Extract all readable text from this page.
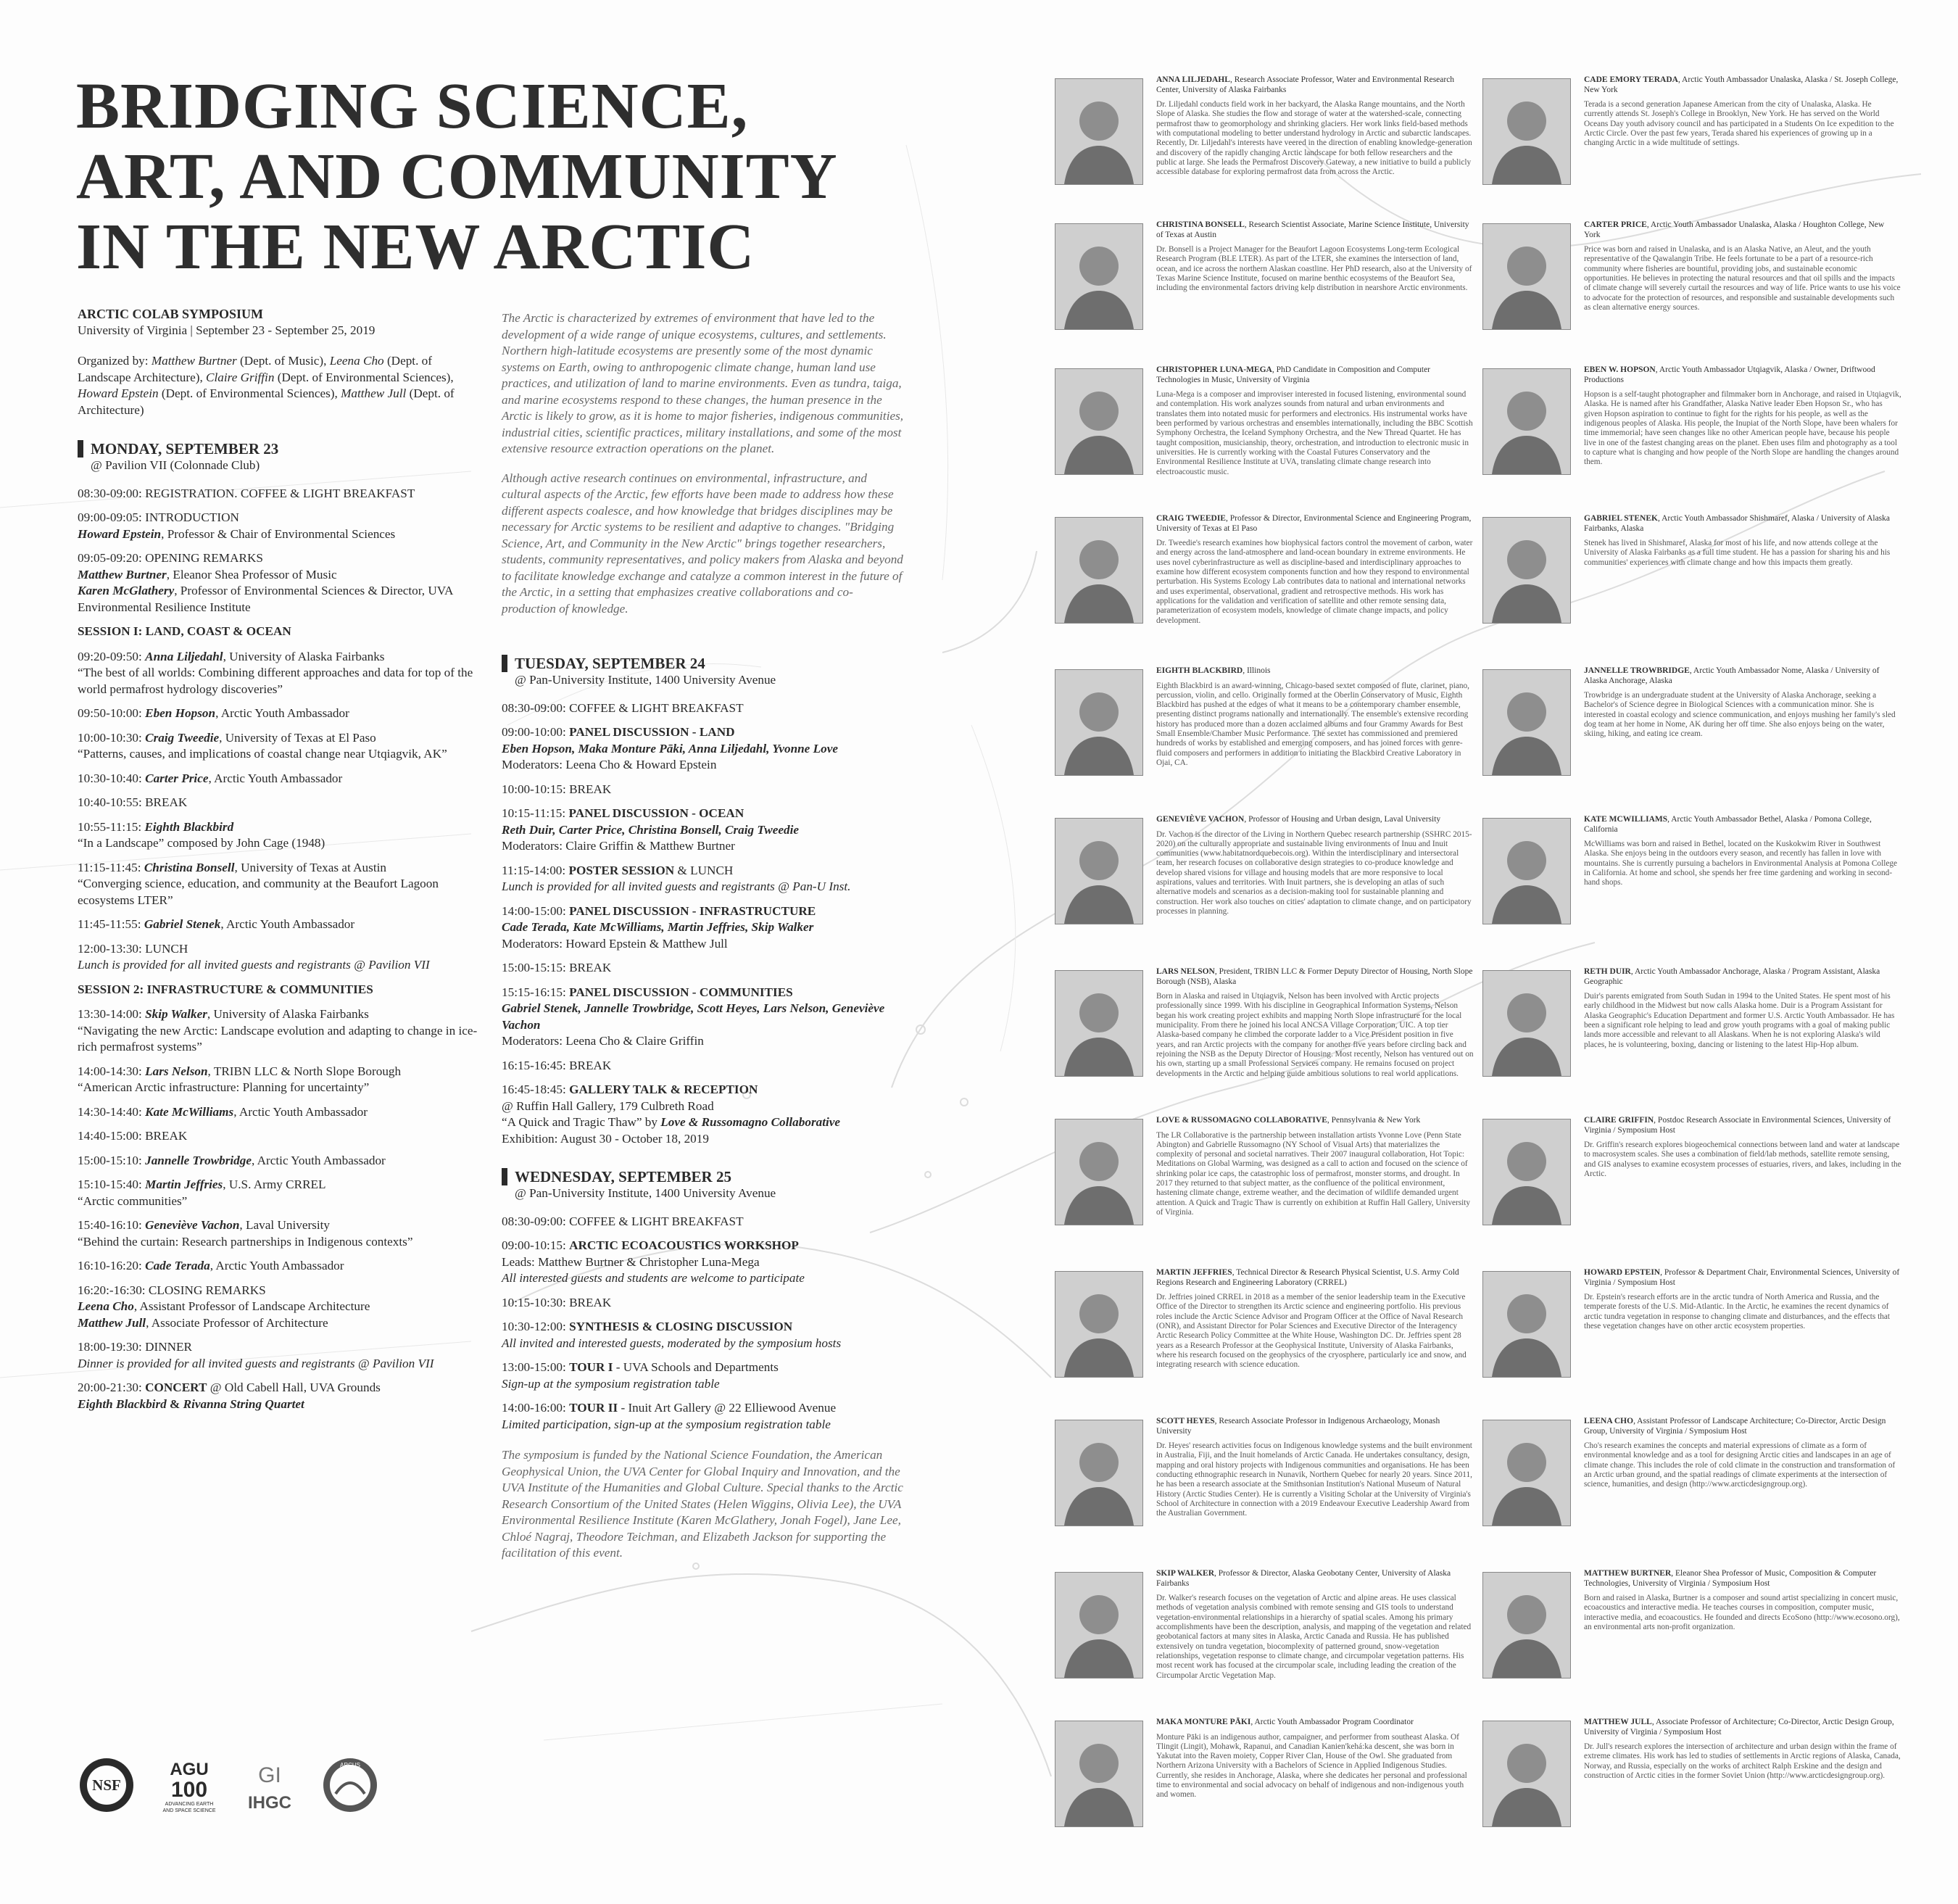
BRIDGING SCIENCE,
ART, AND COMMUNITY
IN THE NEW ARCTIC

ARCTIC COLAB SYMPOSIUM

University of Virginia | September 23 - September 25, 2019

Organized by: Matthew Burtner (Dept. of Music), Leena Cho (Dept. of Landscape Architecture), Claire Griffin (Dept. of Environmental Sciences), Howard Epstein (Dept. of Environmental Sciences), Matthew Jull (Dept. of Architecture)

MONDAY, SEPTEMBER 23

@ Pavilion VII (Colonnade Club)

08:30-09:00: REGISTRATION. COFFEE & LIGHT BREAKFAST
09:00-09:05: INTRODUCTION
Howard Epstein, Professor & Chair of Environmental Sciences
09:05-09:20: OPENING REMARKS
Matthew Burtner, Eleanor Shea Professor of Music
Karen McGlathery, Professor of Environmental Sciences & Director, UVA Environmental Resilience Institute

SESSION I: LAND, COAST & OCEAN

09:20-09:50: Anna Liljedahl, University of Alaska Fairbanks
“The best of all worlds: Combining different approaches and data for top of the world permafrost hydrology discoveries”
09:50-10:00: Eben Hopson, Arctic Youth Ambassador
10:00-10:30: Craig Tweedie, University of Texas at El Paso
“Patterns, causes, and implications of coastal change near Utqiagvik, AK”
10:30-10:40: Carter Price, Arctic Youth Ambassador
10:40-10:55: BREAK
10:55-11:15: Eighth Blackbird
“In a Landscape” composed by John Cage (1948)
11:15-11:45: Christina Bonsell, University of Texas at Austin
“Converging science, education, and community at the Beaufort Lagoon ecosystems LTER”
11:45-11:55: Gabriel Stenek, Arctic Youth Ambassador
12:00-13:30: LUNCH
Lunch is provided for all invited guests and registrants @ Pavilion VII

SESSION 2: INFRASTRUCTURE & COMMUNITIES

13:30-14:00: Skip Walker, University of Alaska Fairbanks
“Navigating the new Arctic: Landscape evolution and adapting to change in ice-rich permafrost systems”
14:00-14:30: Lars Nelson, TRIBN LLC & North Slope Borough
“American Arctic infrastructure: Planning for uncertainty”
14:30-14:40: Kate McWilliams, Arctic Youth Ambassador
14:40-15:00: BREAK
15:00-15:10: Jannelle Trowbridge, Arctic Youth Ambassador
15:10-15:40: Martin Jeffries, U.S. Army CRREL
“Arctic communities”
15:40-16:10: Geneviève Vachon, Laval University
“Behind the curtain: Research partnerships in Indigenous contexts”
16:10-16:20: Cade Terada, Arctic Youth Ambassador
16:20:-16:30: CLOSING REMARKS
Leena Cho, Assistant Professor of Landscape Architecture
Matthew Jull, Associate Professor of Architecture
18:00-19:30: DINNER
Dinner is provided for all invited guests and registrants @ Pavilion VII
20:00-21:30: CONCERT @ Old Cabell Hall, UVA Grounds
Eighth Blackbird & Rivanna String Quartet

The Arctic is characterized by extremes of environment that have led to the development of a wide range of unique ecosystems, cultures, and settlements. Northern high-latitude ecosystems are presently some of the most dynamic systems on Earth, owing to anthropogenic climate change, human land use practices, and utilization of land to marine environments. Even as tundra, taiga, and marine ecosystems respond to these changes, the human presence in the Arctic is likely to grow, as it is home to major fisheries, indigenous communities, industrial cities, scientific practices, military installations, and some of the most extensive resource extraction operations on the planet.

Although active research continues on environmental, infrastructure, and cultural aspects of the Arctic, few efforts have been made to address how these different aspects coalesce, and how knowledge that bridges disciplines may be necessary for Arctic systems to be resilient and adaptive to changes. "Bridging Science, Art, and Community in the New Arctic" brings together researchers, students, community representatives, and policy makers from Alaska and beyond to facilitate knowledge exchange and catalyze a common interest in the future of the Arctic, in a setting that emphasizes creative collaborations and co-production of knowledge.

TUESDAY, SEPTEMBER 24

@ Pan-University Institute, 1400 University Avenue

08:30-09:00: COFFEE & LIGHT BREAKFAST
09:00-10:00: PANEL DISCUSSION - LAND
Eben Hopson, Maka Monture Pāki, Anna Liljedahl, Yvonne Love
Moderators: Leena Cho & Howard Epstein
10:00-10:15: BREAK
10:15-11:15: PANEL DISCUSSION - OCEAN
Reth Duir, Carter Price, Christina Bonsell, Craig Tweedie
Moderators: Claire Griffin & Matthew Burtner
11:15-14:00: POSTER SESSION & LUNCH
Lunch is provided for all invited guests and registrants @ Pan-U Inst.
14:00-15:00: PANEL DISCUSSION - INFRASTRUCTURE
Cade Terada, Kate McWilliams, Martin Jeffries, Skip Walker
Moderators: Howard Epstein & Matthew Jull
15:00-15:15: BREAK
15:15-16:15: PANEL DISCUSSION - COMMUNITIES
Gabriel Stenek, Jannelle Trowbridge, Scott Heyes, Lars Nelson, Geneviève Vachon
Moderators: Leena Cho & Claire Griffin
16:15-16:45: BREAK
16:45-18:45: GALLERY TALK & RECEPTION
@ Ruffin Hall Gallery, 179 Culbreth Road
“A Quick and Tragic Thaw” by Love & Russomagno Collaborative
Exhibition: August 30 - October 18, 2019

WEDNESDAY, SEPTEMBER 25

@ Pan-University Institute, 1400 University Avenue

08:30-09:00: COFFEE & LIGHT BREAKFAST
09:00-10:15: ARCTIC ECOACOUSTICS WORKSHOP
Leads: Matthew Burtner & Christopher Luna-Mega
All interested guests and students are welcome to participate
10:15-10:30: BREAK
10:30-12:00: SYNTHESIS & CLOSING DISCUSSION
All invited and interested guests, moderated by the symposium hosts
13:00-15:00: TOUR I - UVA Schools and Departments
Sign-up at the symposium registration table
14:00-16:00: TOUR II - Inuit Art Gallery @ 22 Elliewood Avenue
Limited participation, sign-up at the symposium registration table

The symposium is funded by the National Science Foundation, the American Geophysical Union, the UVA Center for Global Inquiry and Innovation, and the UVA Institute of the Humanities and Global Culture. Special thanks to the Arctic Research Consortium of the United States (Helen Wiggins, Olivia Lee), the UVA Environmental Resilience Institute (Karen McGlathery, Jonah Fogel), Jane Lee, Chloé Nagraj, Theodore Teichman, and Elizabeth Jackson for supporting the facilitation of this event.

NSF
AGU
100
ADVANCING EARTH
AND SPACE SCIENCE
GI
IHGC
ARCUS

ANNA LILJEDAHL, Research Associate Professor, Water and Environmental Research Center, University of Alaska Fairbanks

Dr. Liljedahl conducts field work in her backyard, the Alaska Range mountains, and the North Slope of Alaska. She studies the flow and storage of water at the watershed-scale, connecting permafrost thaw to geomorphology and shrinking glaciers. Her work links field-based methods with computational modeling to better understand hydrology in Arctic and subarctic landscapes. Recently, Dr. Liljedahl's interests have veered in the direction of enabling knowledge-generation and discovery of the rapidly changing Arctic landscape for both fellow researchers and the public at large. She leads the Permafrost Discovery Gateway, a new initiative to build a publicly accessible database for exploring permafrost data from across the Arctic.

CADE EMORY TERADA, Arctic Youth Ambassador Unalaska, Alaska / St. Joseph College, New York

Terada is a second generation Japanese American from the city of Unalaska, Alaska. He currently attends St. Joseph's College in Brooklyn, New York. He has served on the World Oceans Day youth advisory council and has participated in a Students On Ice expedition to the Arctic Circle. Over the past few years, Terada shared his experiences of growing up in a changing Arctic in a wide multitude of settings.

CHRISTINA BONSELL, Research Scientist Associate, Marine Science Institute, University of Texas at Austin

Dr. Bonsell is a Project Manager for the Beaufort Lagoon Ecosystems Long-term Ecological Research Program (BLE LTER). As part of the LTER, she examines the intersection of land, ocean, and ice across the northern Alaskan coastline. Her PhD research, also at the University of Texas Marine Science Institute, focused on marine benthic ecosystems of the Beaufort Sea, including the environmental factors driving kelp distribution in nearshore Arctic environments.

CARTER PRICE, Arctic Youth Ambassador Unalaska, Alaska / Houghton College, New York

Price was born and raised in Unalaska, and is an Alaska Native, an Aleut, and the youth representative of the Qawalangin Tribe. He feels fortunate to be a part of a resource-rich community where fisheries are bountiful, providing jobs, and sustainable economic opportunities. He believes in protecting the natural resources and that oil spills and the impacts of climate change will severely curtail the resources and way of life. Price wants to use his voice to advocate for the protection of resources, and responsible and sustainable developments such as clean alternative energy sources.

CHRISTOPHER LUNA-MEGA, PhD Candidate in Composition and Computer Technologies in Music, University of Virginia

Luna-Mega is a composer and improviser interested in focused listening, environmental sound and contemplation. His work analyzes sounds from natural and urban environments and translates them into notated music for performers and electronics. His instrumental works have been performed by various orchestras and ensembles internationally, including the BBC Scottish Symphony Orchestra, the Iceland Symphony Orchestra, and the New Thread Quartet. He has taught composition, musicianship, theory, orchestration, and introduction to electronic music in universities. He is currently working with the Coastal Futures Conservatory and the Environmental Resilience Institute at UVA, translating climate change research into electroacoustic music.

EBEN W. HOPSON, Arctic Youth Ambassador Utqiagvik, Alaska / Owner, Driftwood Productions

Hopson is a self-taught photographer and filmmaker born in Anchorage, and raised in Utqiagvik, Alaska. He is named after his Grandfather, Alaska Native leader Eben Hopson Sr., who has given Hopson aspiration to continue to fight for the rights for his people, as well as the indigenous peoples of Alaska. His people, the Inupiat of the North Slope, have been whalers for time immemorial; have seen changes like no other American people have, because his people live in one of the fastest changing areas on the planet. Eben uses film and photography as a tool to capture what is changing and how people of the North Slope are handling the changes around them.

CRAIG TWEEDIE, Professor & Director, Environmental Science and Engineering Program, University of Texas at El Paso

Dr. Tweedie's research examines how biophysical factors control the movement of carbon, water and energy across the land-atmosphere and land-ocean boundary in extreme environments. He uses novel cyberinfrastructure as well as discipline-based and interdisciplinary approaches to examine how different ecosystem components function and how they respond to environmental perturbation. His Systems Ecology Lab contributes data to national and international networks and uses experimental, observational, gradient and retrospective methods. His work has applications for the validation and verification of satellite and other remote sensing data, parameterization of ecosystem models, knowledge of climate change impacts, and policy development.

GABRIEL STENEK, Arctic Youth Ambassador Shishmaref, Alaska / University of Alaska Fairbanks, Alaska

Stenek has lived in Shishmaref, Alaska for most of his life, and now attends college at the University of Alaska Fairbanks as a full time student. He has a passion for sharing his and his communities' experiences with climate change and how this impacts them greatly.

EIGHTH BLACKBIRD, Illinois

Eighth Blackbird is an award-winning, Chicago-based sextet composed of flute, clarinet, piano, percussion, violin, and cello. Originally formed at the Oberlin Conservatory of Music, Eighth Blackbird has pushed at the edges of what it means to be a contemporary chamber ensemble, presenting distinct programs nationally and internationally. The ensemble's extensive recording history has produced more than a dozen acclaimed albums and four Grammy Awards for Best Small Ensemble/Chamber Music Performance. The sextet has commissioned and premiered hundreds of works by established and emerging composers, and has joined forces with genre-fluid composers and performers in addition to initiating the Blackbird Creative Laboratory in Ojai, CA.

JANNELLE TROWBRIDGE, Arctic Youth Ambassador Nome, Alaska / University of Alaska Anchorage, Alaska

Trowbridge is an undergraduate student at the University of Alaska Anchorage, seeking a Bachelor's of Science degree in Biological Sciences with a communication minor. She is interested in coastal ecology and science communication, and enjoys mushing her family's sled dog team at her home in Nome, AK during her off time. She also enjoys being on the water, skiing, hiking, and eating ice cream.

GENEVIÈVE VACHON, Professor of Housing and Urban design, Laval University

Dr. Vachon is the director of the Living in Northern Quebec research partnership (SSHRC 2015-2020) on the culturally appropriate and sustainable living environments of Inuu and Inuit communities (www.habitatnordquebecois.org). Within the interdisciplinary and intersectoral team, her research focuses on collaborative design strategies to co-produce knowledge and develop shared visions for village and housing models that are more responsive to local aspirations, values and territories. With Inuit partners, she is developing an atlas of such alternative models and scenarios as a decision-making tool for sustainable planning and construction. Her work also touches on cities' adaptation to climate change, and on participatory processes in planning.

KATE MCWILLIAMS, Arctic Youth Ambassador Bethel, Alaska / Pomona College, California

McWilliams was born and raised in Bethel, located on the Kuskokwim River in Southwest Alaska. She enjoys being in the outdoors every season, and recently has fallen in love with mountains. She is currently pursuing a bachelors in Environmental Analysis at Pomona College in California. At home and school, she spends her free time gardening and working in second-hand shops.

LARS NELSON, President, TRIBN LLC & Former Deputy Director of Housing, North Slope Borough (NSB), Alaska

Born in Alaska and raised in Utqiagvik, Nelson has been involved with Arctic projects professionally since 1999. With his discipline in Geographical Information Systems, Nelson began his work creating project exhibits and mapping North Slope infrastructure for the local municipality. From there he joined his local ANCSA Village Corporation, UIC. A top tier Alaska-based company he climbed the corporate ladder to a Vice President position in five years, and ran Arctic projects with the company for another five years before circling back and rejoining the NSB as the Deputy Director of Housing. Most recently, Nelson has ventured out on his own, starting up a small Professional Services company. He remains focused on project developments in the Arctic and helping guide ambitious solutions to real world applications.

RETH DUIR, Arctic Youth Ambassador Anchorage, Alaska / Program Assistant, Alaska Geographic

Duir's parents emigrated from South Sudan in 1994 to the United States. He spent most of his early childhood in the Midwest but now calls Alaska home. Duir is a Program Assistant for Alaska Geographic's Education Department and former U.S. Arctic Youth Ambassador. He has been a significant role helping to lead and grow youth programs with a goal of making public lands more accessible and relevant to all Alaskans. When he is not exploring Alaska's wild places, he is volunteering, boxing, dancing or listening to the latest Hip-Hop album.

LOVE & RUSSOMAGNO COLLABORATIVE, Pennsylvania & New York

The LR Collaborative is the partnership between installation artists Yvonne Love (Penn State Abington) and Gabrielle Russomagno (NY School of Visual Arts) that materializes the complexity of personal and societal narratives. Their 2007 inaugural collaboration, Hot Topic: Meditations on Global Warming, was designed as a call to action and focused on the science of shrinking polar ice caps, the catastrophic loss of permafrost, monster storms, and drought. In 2017 they returned to that subject matter, as the confluence of the political environment, hastening climate change, extreme weather, and the decimation of wildlife demanded urgent attention. A Quick and Tragic Thaw is currently on exhibition at Ruffin Hall Gallery, University of Virginia.

CLAIRE GRIFFIN, Postdoc Research Associate in Environmental Sciences, University of Virginia / Symposium Host

Dr. Griffin's research explores biogeochemical connections between land and water at landscape to macrosystem scales. She uses a combination of field/lab methods, satellite remote sensing, and GIS analyses to examine ecosystem processes of estuaries, rivers, and lakes, including in the Arctic.

MARTIN JEFFRIES, Technical Director & Research Physical Scientist, U.S. Army Cold Regions Research and Engineering Laboratory (CRREL)

Dr. Jeffries joined CRREL in 2018 as a member of the senior leadership team in the Executive Office of the Director to strengthen its Arctic science and engineering portfolio. His previous roles include the Arctic Science Advisor and Program Officer at the Office of Naval Research (ONR), and Assistant Director for Polar Sciences and Executive Director of the Interagency Arctic Research Policy Committee at the White House, Washington DC. Dr. Jeffries spent 28 years as a Research Professor at the Geophysical Institute, University of Alaska Fairbanks, where his research focused on the geophysics of the cryosphere, particularly ice and snow, and integrating research with science education.

HOWARD EPSTEIN, Professor & Department Chair, Environmental Sciences, University of Virginia / Symposium Host

Dr. Epstein's research efforts are in the arctic tundra of North America and Russia, and the temperate forests of the U.S. Mid-Atlantic. In the Arctic, he examines the recent dynamics of arctic tundra vegetation in response to changing climate and disturbances, and the effects that these vegetation changes have on other arctic ecosystem properties.

SCOTT HEYES, Research Associate Professor in Indigenous Archaeology, Monash University

Dr. Heyes' research activities focus on Indigenous knowledge systems and the built environment in Australia, Fiji, and the Inuit homelands of Arctic Canada. He undertakes consultancy, design, mapping and oral history projects with Indigenous communities and organisations. He has been conducting ethnographic research in Nunavik, Northern Quebec for nearly 20 years. Since 2011, he has been a research associate at the Smithsonian Institution's National Museum of Natural History (Arctic Studies Center). He is currently a Visiting Scholar at the University of Virginia's School of Architecture in connection with a 2019 Endeavour Executive Leadership Award from the Australian Government.

LEENA CHO, Assistant Professor of Landscape Architecture; Co-Director, Arctic Design Group, University of Virginia / Symposium Host

Cho's research examines the concepts and material expressions of climate as a form of environmental knowledge and as a tool for designing Arctic cities and landscapes in an age of climate change. This includes the role of cold climate in the construction and transformation of an Arctic urban ground, and the spatial readings of climate experiments at the intersection of science, humanities, and design (http://www.arcticdesigngroup.org).

SKIP WALKER, Professor & Director, Alaska Geobotany Center, University of Alaska Fairbanks

Dr. Walker's research focuses on the vegetation of Arctic and alpine areas. He uses classical methods of vegetation analysis combined with remote sensing and GIS tools to understand vegetation-environmental relationships in a hierarchy of spatial scales. Among his primary accomplishments have been the description, analysis, and mapping of the vegetation and related geobotanical factors at many sites in Alaska, Arctic Canada and Russia. He has published extensively on tundra vegetation, biocomplexity of patterned ground, snow-vegetation relationships, vegetation response to climate change, and circumpolar vegetation patterns. His most recent work has focused at the circumpolar scale, including leading the creation of the Circumpolar Arctic Vegetation Map.

MATTHEW BURTNER, Eleanor Shea Professor of Music, Composition & Computer Technologies, University of Virginia / Symposium Host

Born and raised in Alaska, Burtner is a composer and sound artist specializing in concert music, ecoacoustics and interactive media. He teaches courses in composition, computer music, interactive media, and ecoacoustics. He founded and directs EcoSono (http://www.ecosono.org), an environmental arts non-profit organization.

MAKA MONTURE PĀKI, Arctic Youth Ambassador Program Coordinator

Monture Pāki is an indigenous author, campaigner, and performer from southeast Alaska. Of Tlingit (Lingit), Mohawk, Rapanui, and Canadian Kanien'kehá:ka descent, she was born in Yakutat into the Raven moiety, Copper River Clan, House of the Owl. She graduated from Northern Arizona University with a Bachelors of Science in Applied Indigenous Studies. Currently, she resides in Anchorage, Alaska, where she dedicates her personal and professional time to environmental and social advocacy on behalf of indigenous and non-indigenous youth and women.

MATTHEW JULL, Associate Professor of Architecture; Co-Director, Arctic Design Group, University of Virginia / Symposium Host

Dr. Jull's research explores the intersection of architecture and urban design within the frame of extreme climates. His work has led to studies of settlements in Arctic regions of Alaska, Canada, Norway, and Russia, especially on the works of architect Ralph Erskine and the design and construction of Arctic cities in the former Soviet Union (http://www.arcticdesigngroup.org).
